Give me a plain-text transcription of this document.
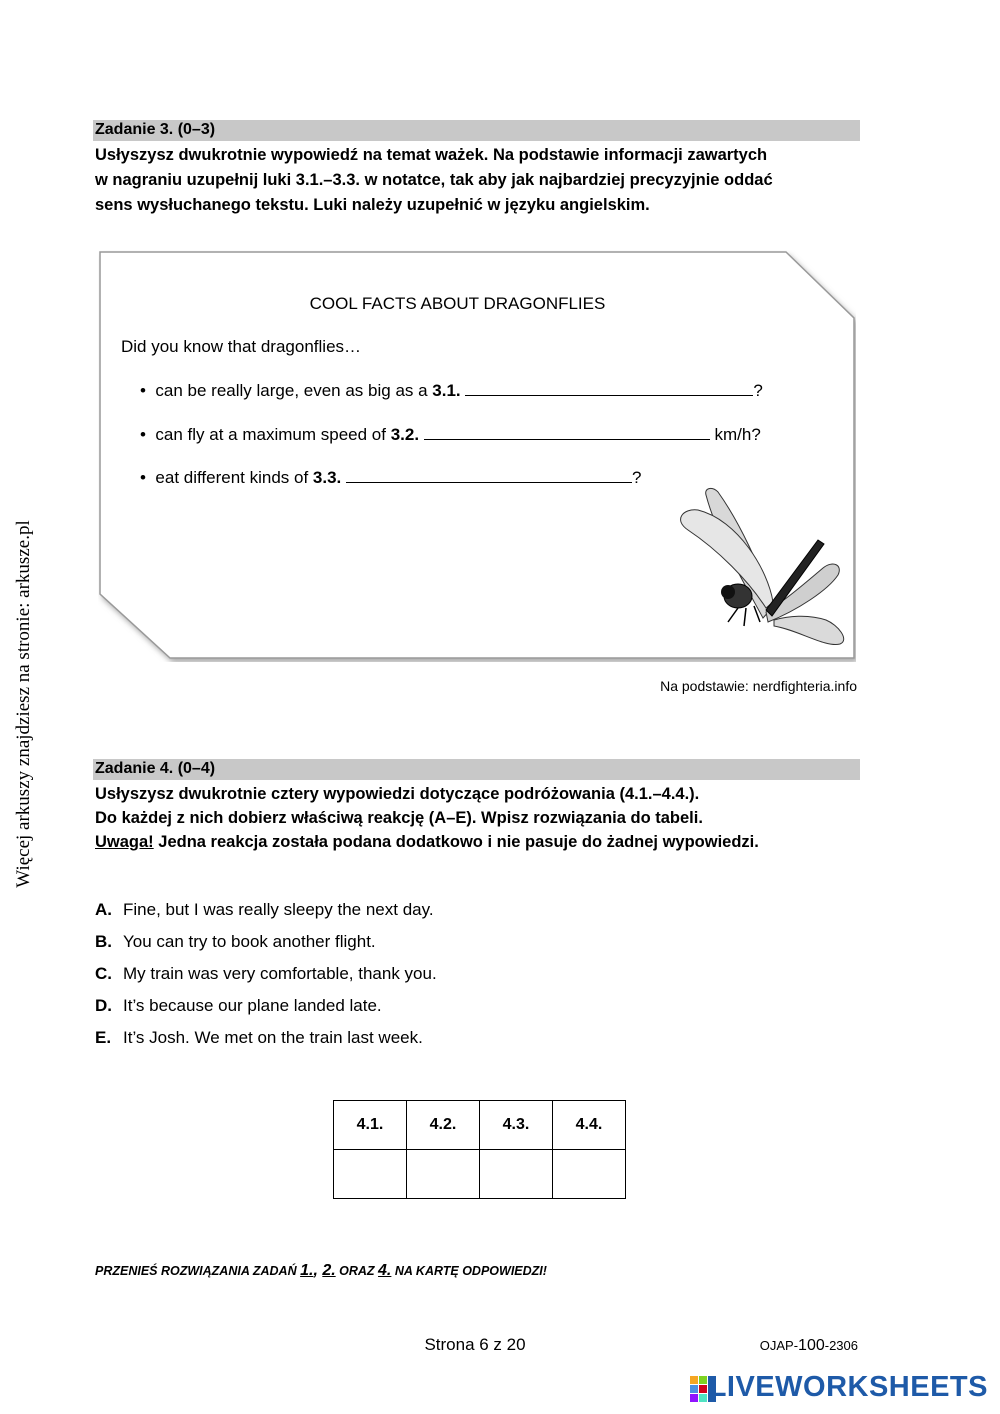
Więcej arkuszy znajdziesz na stronie: arkusze.pl
Zadanie 3. (0–3)
Usłyszysz dwukrotnie wypowiedź na temat ważek. Na podstawie informacji zawartych
w nagraniu uzupełnij luki 3.1.–3.3. w notatce, tak aby jak najbardziej precyzyjnie oddać
sens wysłuchanego tekstu. Luki należy uzupełnić w języku angielskim.
COOL FACTS ABOUT DRAGONFLIES
Did you know that dragonflies…
•  can be really large, even as big as a 3.1.	?
•  can fly at a maximum speed of 3.2.	km/h?
•  eat different kinds of 3.3.	?
Na podstawie: nerdfighteria.info
Zadanie 4. (0–4)
Usłyszysz dwukrotnie cztery wypowiedzi dotyczące podróżowania (4.1.–4.4.).
Do każdej z nich dobierz właściwą reakcję (A–E). Wpisz rozwiązania do tabeli.
Uwaga! Jedna reakcja została podana dodatkowo i nie pasuje do żadnej wypowiedzi.
A. Fine, but I was really sleepy the next day.
B. You can try to book another flight.
C. My train was very comfortable, thank you.
D. It’s because our plane landed late.
E. It’s Josh. We met on the train last week.
4.1.	4.2.	4.3.	4.4.

PRZENIEŚ ROZWIĄZANIA ZADAŃ 1., 2. ORAZ 4. NA KARTĘ ODPOWIEDZI!
Strona 6 z 20	OJAP-100-2306
LIVEWORKSHEETS
